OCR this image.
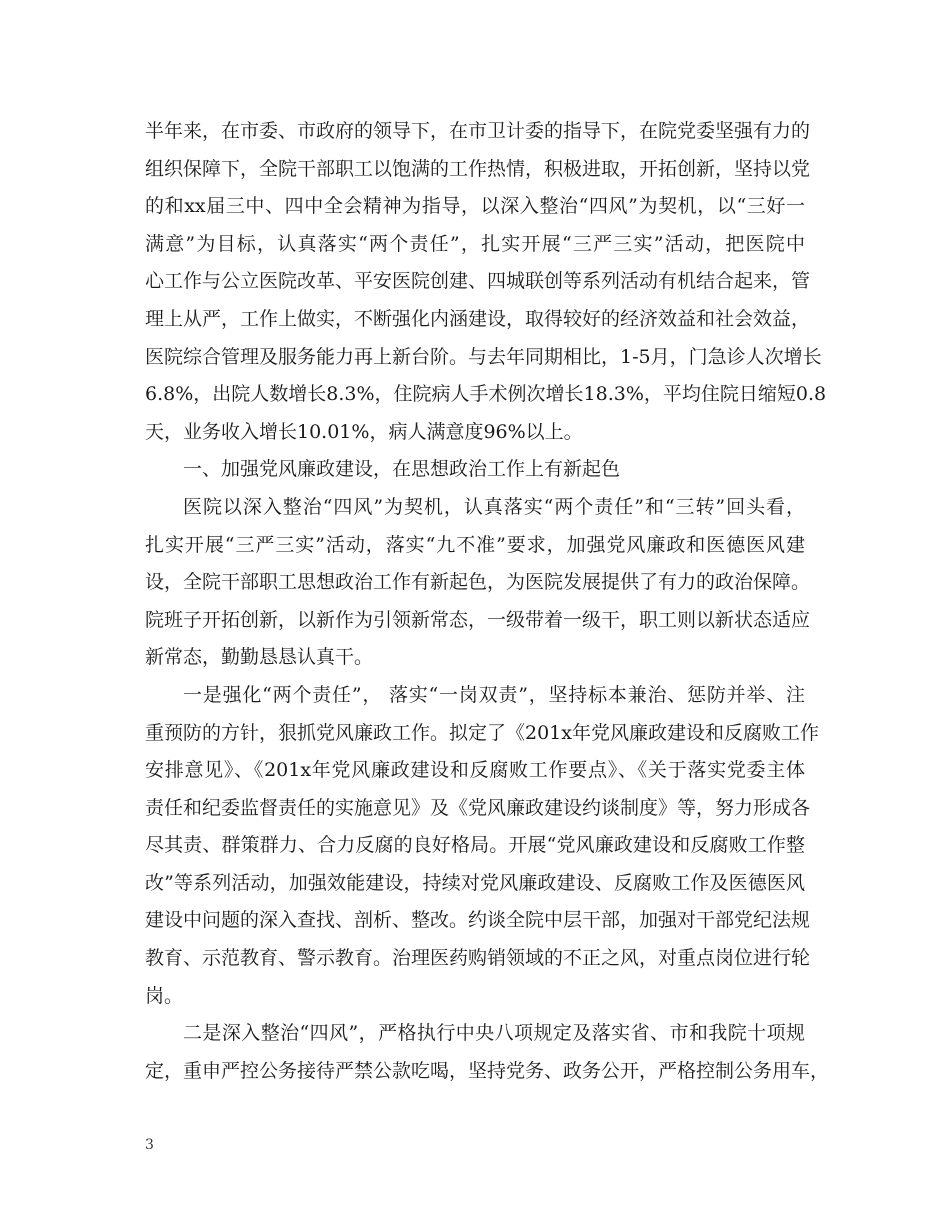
半年来，在市委、市政府的领导下，在市卫计委的指导下，在院党委坚强有力的
组织保障下，全院干部职工以饱满的工作热情，积极进取，开拓创新，坚持以党
的和xx届三中、四中全会精神为指导，以深入整治“四风”为契机，以“三好一
满意”为目标，认真落实“两个责任”，扎实开展“三严三实”活动，把医院中
心工作与公立医院改革、平安医院创建、四城联创等系列活动有机结合起来，管
理上从严，工作上做实，不断强化内涵建设，取得较好的经济效益和社会效益，
医院综合管理及服务能力再上新台阶。与去年同期相比，1-5月，门急诊人次增长
6.8%，出院人数增长8.3%，住院病人手术例次增长18.3%，平均住院日缩短0.8
天，业务收入增长10.01%，病人满意度96%以上。
一、加强党风廉政建设，在思想政治工作上有新起色
医院以深入整治“四风”为契机，认真落实“两个责任”和“三转”回头看，
扎实开展“三严三实”活动，落实“九不准”要求，加强党风廉政和医德医风建
设，全院干部职工思想政治工作有新起色，为医院发展提供了有力的政治保障。
院班子开拓创新，以新作为引领新常态，一级带着一级干，职工则以新状态适应
新常态，勤勤恳恳认真干。
一是强化“两个责任”， 落实“一岗双责”，坚持标本兼治、惩防并举、注
重预防的方针，狠抓党风廉政工作。拟定了《201x年党风廉政建设和反腐败工作
安排意见》、《201x年党风廉政建设和反腐败工作要点》、《关于落实党委主体
责任和纪委监督责任的实施意见》及《党风廉政建设约谈制度》等，努力形成各
尽其责、群策群力、合力反腐的良好格局。开展“党风廉政建设和反腐败工作整
改”等系列活动，加强效能建设，持续对党风廉政建设、反腐败工作及医德医风
建设中问题的深入查找、剖析、整改。约谈全院中层干部，加强对干部党纪法规
教育、示范教育、警示教育。治理医药购销领域的不正之风，对重点岗位进行轮
岗。
二是深入整治“四风”，严格执行中央八项规定及落实省、市和我院十项规
定，重申严控公务接待严禁公款吃喝，坚持党务、政务公开，严格控制公务用车，
3
